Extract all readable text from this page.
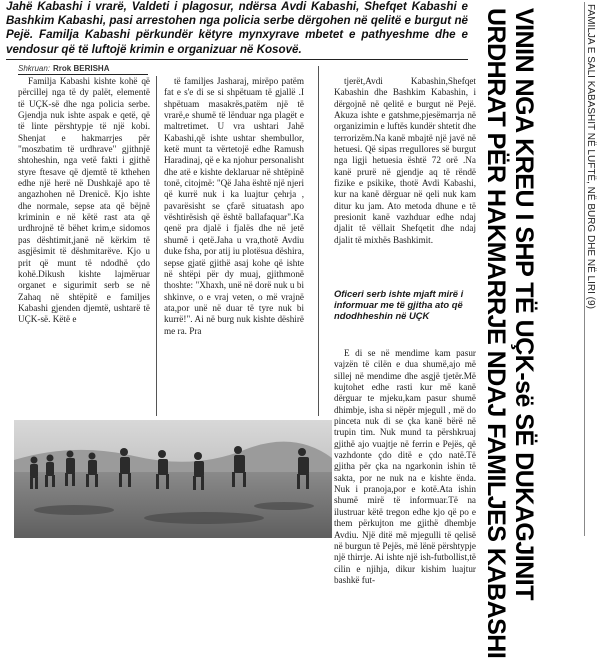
Jahë Kabashi i vrarë, Valdeti i plagosur, ndërsa Avdi Kabashi, Shefqet Kabashi e Bashkim Kabashi, pasi arrestohen nga policia serbe dërgohen në qelitë e burgut në Pejë. Familja Kabashi përkundër këtyre mynxyrave mbetet e pathyeshme dhe e vendosur që të luftojë krimin e organizuar në Kosovë.

Shkruan: Rrok BERISHA

Familja Kabashi kishte kohë që përcillej nga të dy palët, elementë të UÇK-së dhe nga policia serbe. Gjendja nuk ishte aspak e qetë, që të linte përshtypje të një kobi. Shenjat e hakmarrjes për "moszbatim të urdhrave" gjithnjë shtoheshin, nga vetë fakti i gjithë styre ftesave që djemtë të kthehen edhe një herë në Dushkajë apo të angazhohen në Drenicë. Kjo ishte dhe normale, sepse ata që bëjnë kriminin e në këtë rast ata që urdhrojnë të bëhet krim,e sidomos pas dështimit,janë në kërkim të asgjësimit të dëshmitarëve. Kjo u prit që munt të ndodhë çdo kohë.Dikush kishte lajmëruar organet e sigurimit serb se në Zahaq në shtëpitë e familjes Kabashi gjenden djemtë, ushtarë të UÇK-së. Këtë e

të familjes Jasharaj, mirëpo patëm fat e s'e di se si shpëtuam të gjallë .I shpëtuam masakrës,patëm një të vrarë,e shumë të lënduar nga plagët e maltretimet. U vra ushtari Jahë Kabashi,që ishte ushtar shembullor, ketë munt ta vërtetojë edhe Ramush Haradinaj, që e ka njohur personalisht dhe atë e kishte deklaruar në shtëpinë tonë, citojmë: "Që Jaha është një njeri që kurrë nuk i ka luajtur çehrja , pavarësisht se çfarë situatash apo vështirësish që është ballafaquar".Ka qenë pra djalë i fjalës dhe në jetë shumë i qetë.Jaha u vra,thotë Avdiu duke fsha, por atij iu plotësua dëshira, sepse gjatë gjithë asaj kohe që ishte në shtëpi për dy muaj, gjithmonë thoshte: "Xhaxh, unë në dorë nuk u bi shkinve, o e vraj veten, o më vrajnë ata,por unë në duar të tyre nuk bi kurrë!". Ai në burg nuk kishte dëshirë me ra. Pra

tjerët,Avdi Kabashin,Shefqet Kabashin dhe Bashkim Kabashin, i dërgojnë në qelitë e burgut në Pejë. Akuza ishte e gatshme,pjesëmarrja në organizimin e luftës kundër shtetit dhe terrorizëm.Na kanë mbajtë një javë në hetuesi. Që sipas rregullores së burgut nga ligji hetuesia është 72 orë .Na kanë prurë në gjendje aq të rëndë fizike e psikike, thotë Avdi Kabashi, kur na kanë dërguar në qeli nuk kam ditur ku jam. Ato metoda dhune e të presionit kanë vazhduar edhe ndaj djalit të vëllait Shefqetit dhe ndaj djalit të mixhës Bashkimit.

Oficeri serb ishte mjaft mirë i informuar me të gjitha ato që ndodhheshin në UÇK

E di se në mendime kam pasur vajzën të cilën e dua shumë,ajo më sillej në mendime dhe asgjë tjetër.Më kujtohet edhe rasti kur më kanë dërguar te mjeku,kam pasur shumë dhimbje, isha si nëpër mjegull , më do pinceta nuk di se çka kanë bërë në trupin tim. Nuk mund ta përshkruaj gjithë ajo vuajtje në ferrin e Pejës, që vazhdonte çdo ditë e çdo natë.Të gjitha për çka na ngarkonin ishin të sakta, por ne nuk na e kishte ënda. Nuk i pranoja,por e kotë.Ata ishin shumë mirë të informuar.Të na ilustruar këtë tregon edhe kjo që po e them përkujton me gjithë dhembje Avdiu. Një ditë më mjegulli të qelisë në burgun të Pejës, më lënë përshtypje një thirrje. Ai ishte një ish-futbollist,të cilin e njihja, dikur kishim luajtur bashkë fut-	URDHRAT PËR HAKMARRJE NDAJ FAMILJES KABASHI VININ NGA KREU I SHP TË UÇK-së SË DUKAGJINIT	FAMILJA E SALI KABASHIT NË LUFTË, NË BURG DHE NË LIRI (9)
